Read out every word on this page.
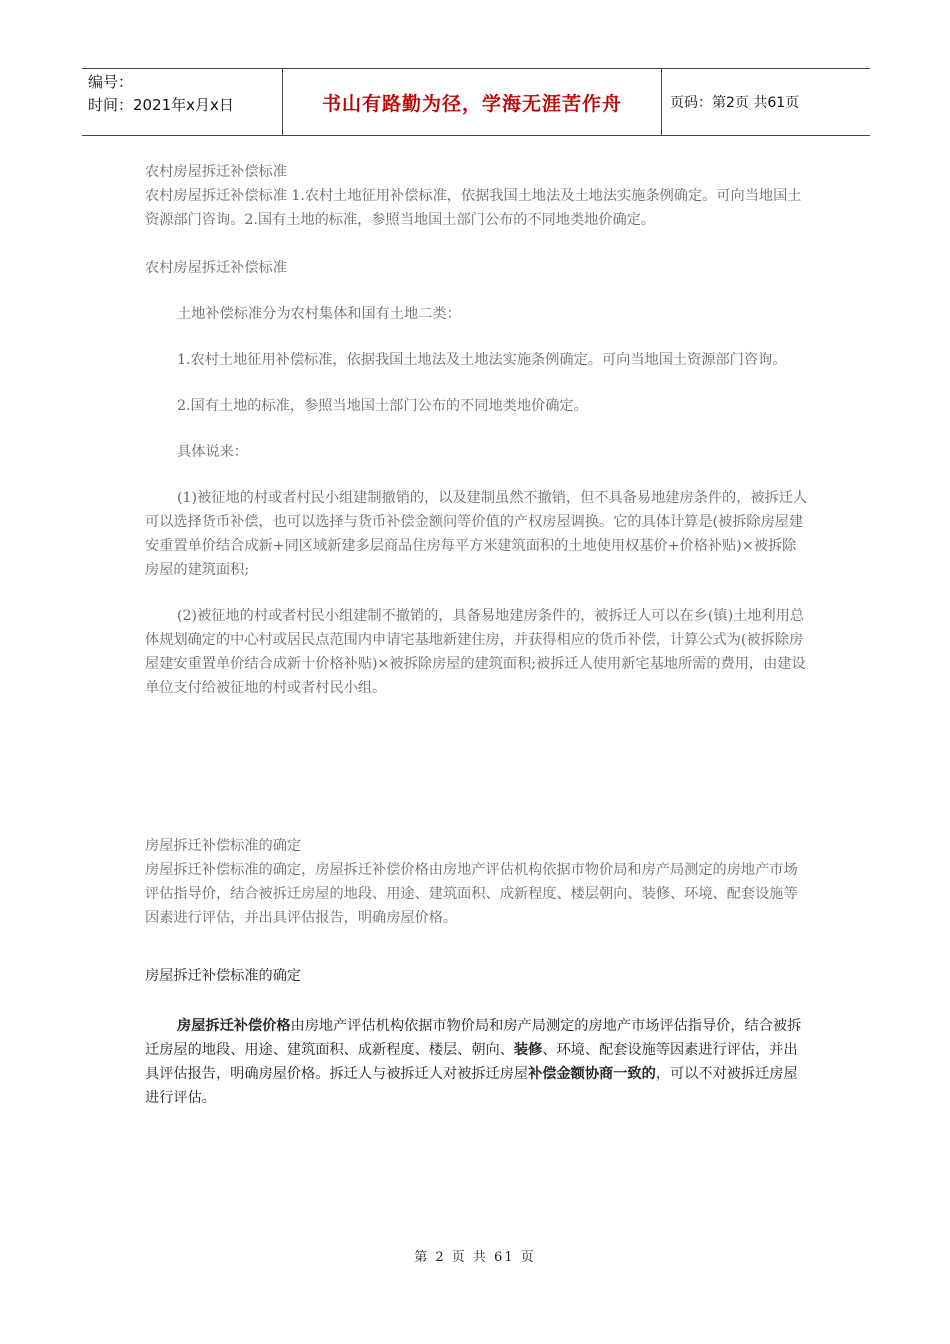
编号：
时间：2021年x月x日	书山有路勤为径，学海无涯苦作舟	页码：第2页 共61页

农村房屋拆迁补偿标准

农村房屋拆迁补偿标准 1.农村土地征用补偿标准，依据我国土地法及土地法实施条例确定。可向当地国土资源部门咨询。2.国有土地的标准，参照当地国土部门公布的不同地类地价确定。

农村房屋拆迁补偿标准

土地补偿标准分为农村集体和国有土地二类：

1.农村土地征用补偿标准，依据我国土地法及土地法实施条例确定。可向当地国土资源部门咨询。

2.国有土地的标准，参照当地国土部门公布的不同地类地价确定。

具体说来：

(1)被征地的村或者村民小组建制撤销的，以及建制虽然不撤销，但不具备易地建房条件的，被拆迁人可以选择货币补偿，也可以选择与货币补偿金额问等价值的产权房屋调换。它的具体计算是(被拆除房屋建安重置单价结合成新+同区域新建多层商品住房每平方米建筑面积的土地使用权基价+价格补贴)×被拆除房屋的建筑面积;

(2)被征地的村或者村民小组建制不撤销的，具备易地建房条件的，被拆迁人可以在乡(镇)土地利用总体规划确定的中心村或居民点范围内申请宅基地新建住房，并获得相应的货币补偿，计算公式为(被拆除房屋建安重置单价结合成新十价格补贴)×被拆除房屋的建筑面积;被拆迁人使用新宅基地所需的费用，由建设单位支付给被征地的村或者村民小组。

房屋拆迁补偿标准的确定

房屋拆迁补偿标准的确定，房屋拆迁补偿价格由房地产评估机构依据市物价局和房产局测定的房地产市场评估指导价，结合被拆迁房屋的地段、用途、建筑面积、成新程度、楼层朝向、装修、环境、配套设施等因素进行评估，并出具评估报告，明确房屋价格。

房屋拆迁补偿标准的确定

房屋拆迁补偿价格由房地产评估机构依据市物价局和房产局测定的房地产市场评估指导价，结合被拆迁房屋的地段、用途、建筑面积、成新程度、楼层、朝向、装修、环境、配套设施等因素进行评估，并出具评估报告，明确房屋价格。拆迁人与被拆迁人对被拆迁房屋补偿金额协商一致的，可以不对被拆迁房屋进行评估。

第 2 页 共 61 页
